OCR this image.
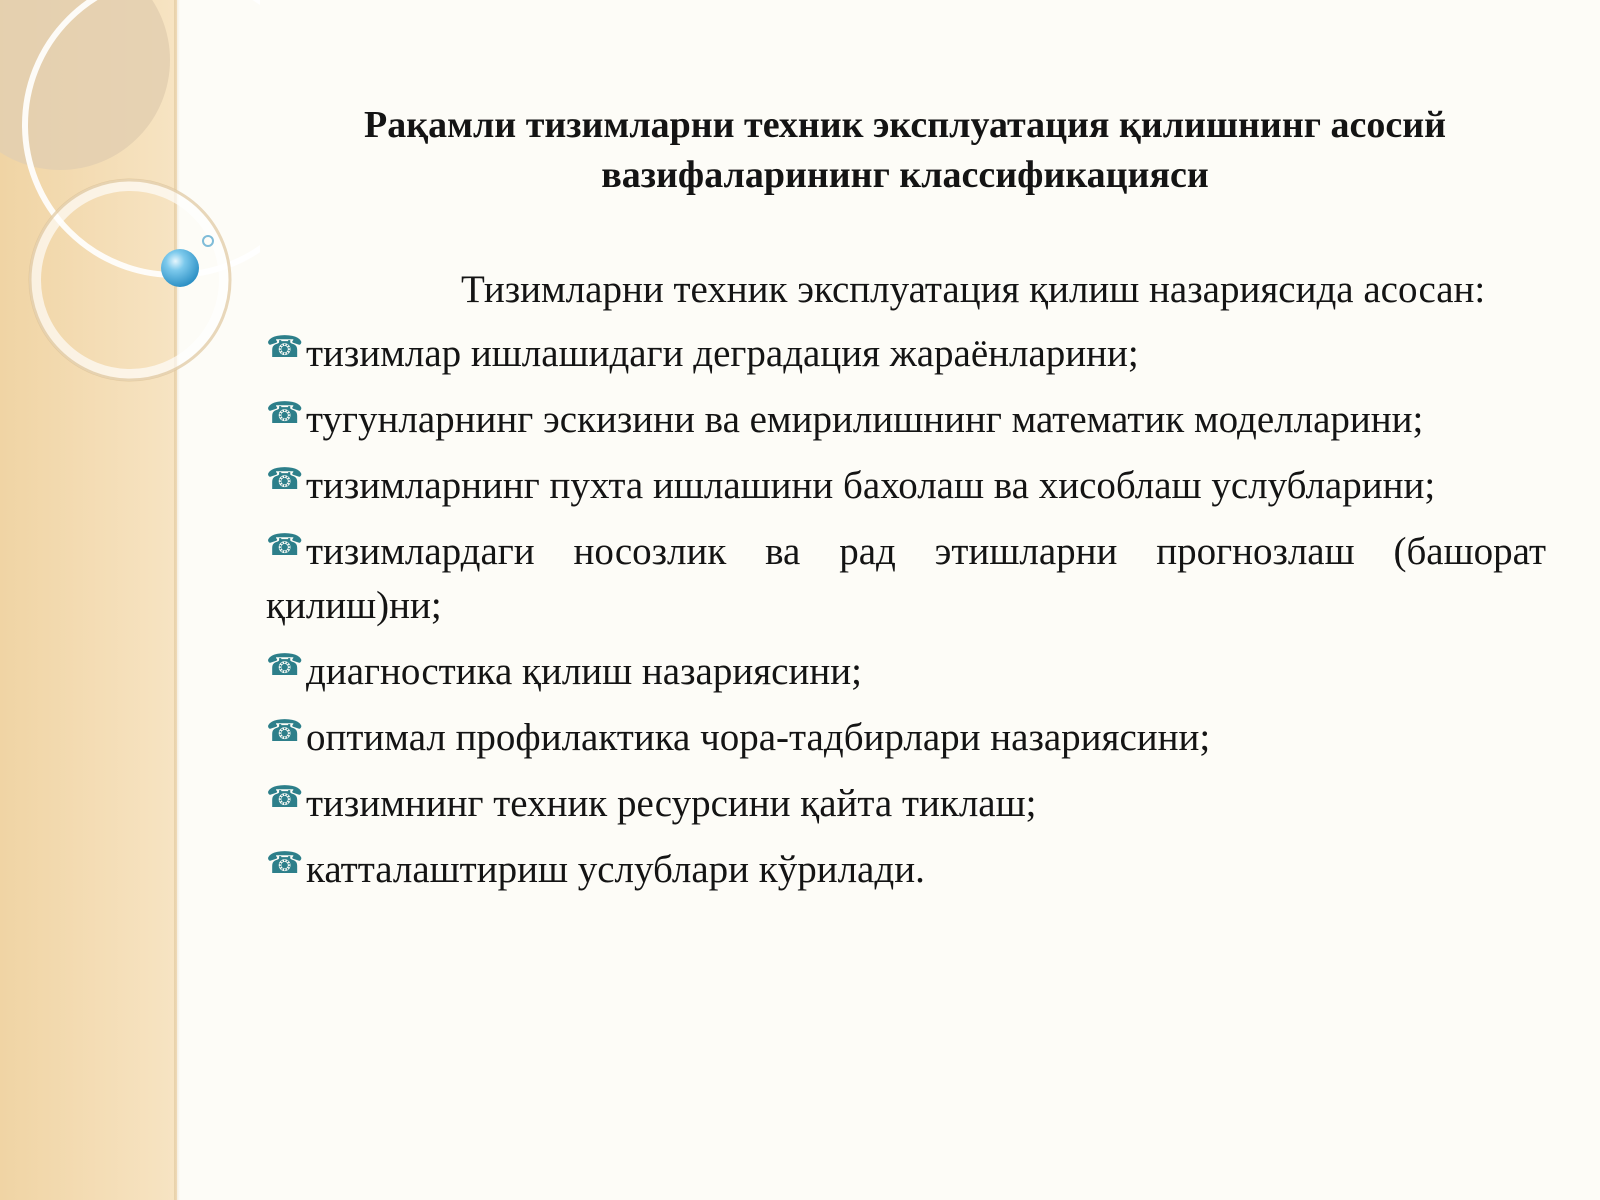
Рақамли тизимларни техник эксплуатация қилишнинг асосий
вазифаларининг классификацияси

Тизимларни техник эксплуатация қилиш назариясида асосан:

☎тизимлар ишлашидаги деградация жараёнларини;
☎тугунларнинг эскизини ва емирилишнинг математик моделларини;
☎тизимларнинг пухта ишлашини бахолаш ва хисоблаш услубларини;
☎тизимлардаги носозлик ва рад этишларни прогнозлаш (башорат қилиш)ни;
☎диагностика қилиш назариясини;
☎оптимал профилактика чора-тадбирлари назариясини;
☎тизимнинг техник ресурсини қайта тиклаш;
☎катталаштириш услублари кўрилади.
